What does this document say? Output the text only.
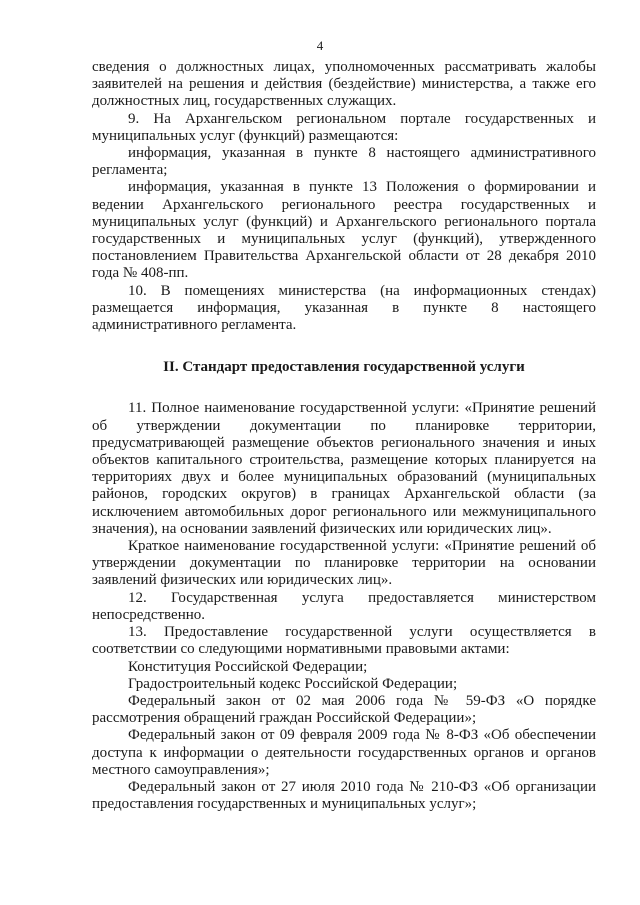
4

сведения о должностных лицах, уполномоченных рассматривать жалобы заявителей на решения и действия (бездействие) министерства, а также его должностных лиц, государственных служащих.

9. На Архангельском региональном портале государственных и муниципальных услуг (функций) размещаются:

информация, указанная в пункте 8 настоящего административного регламента;

информация, указанная в пункте 13 Положения о формировании и ведении Архангельского регионального реестра государственных и муниципальных услуг (функций) и Архангельского регионального портала государственных и муниципальных услуг (функций), утвержденного постановлением Правительства Архангельской области от 28 декабря 2010 года № 408-пп.

10. В помещениях министерства (на информационных стендах) размещается информация, указанная в пункте 8 настоящего административного регламента.

II. Стандарт предоставления государственной услуги

11. Полное наименование государственной услуги: «Принятие решений об утверждении документации по планировке территории, предусматривающей размещение объектов регионального значения и иных объектов капитального строительства, размещение которых планируется на территориях двух и более муниципальных образований (муниципальных районов, городских округов) в границах Архангельской области (за исключением автомобильных дорог регионального или межмуниципального значения), на основании заявлений физических или юридических лиц».

Краткое наименование государственной услуги: «Принятие решений об утверждении документации по планировке территории на основании заявлений физических или юридических лиц».

12. Государственная услуга предоставляется министерством непосредственно.

13. Предоставление государственной услуги осуществляется в соответствии со следующими нормативными правовыми актами:

Конституция Российской Федерации;

Градостроительный кодекс Российской Федерации;

Федеральный закон от 02 мая 2006 года № 59-ФЗ «О порядке рассмотрения обращений граждан Российской Федерации»;

Федеральный закон от 09 февраля 2009 года № 8-ФЗ «Об обеспечении доступа к информации о деятельности государственных органов и органов местного самоуправления»;

Федеральный закон от 27 июля 2010 года № 210-ФЗ «Об организации предоставления государственных и муниципальных услуг»;
